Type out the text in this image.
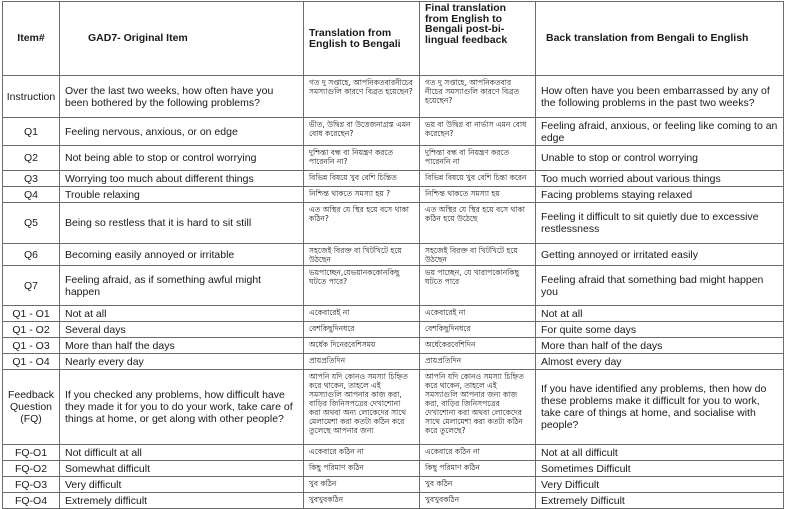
Item#	GAD7- Original Item	Translation from English to Bengali	Final translation from English to Bengali post-bi-lingual feedback	Back translation from Bengali to English
Instruction	Over the last two weeks, how often have you been bothered by the following problems?	গত দু সপ্তাহে, আপনিকতবারনীচের সমস্যাগুলি কারণে বিব্রত হয়েছেন?	গত দু সপ্তাহে, আপনিকতবার নীচের সমস্যাগুলি কারণে বিব্রত হয়েছেন?	How often have you been embarrassed by any of the following problems in the past two weeks?
Q1	Feeling nervous, anxious, or on edge	ভীত, উদ্বিগ্ন বা উত্তেজনাগ্রস্ত এমন বোধ করেছেন?	ভয় বা উদ্বিগ্ন বা নার্ভাস এমন বোধ করেছেন?	Feeling afraid, anxious, or feeling like coming to an edge
Q2	Not being able to stop or control worrying	দুশ্চিন্তা বন্ধ বা নিয়ন্ত্রণ করতে পারেননি না?	দুশ্চিন্তা বন্ধ বা নিয়ন্ত্রণ করতে পারেননি না	Unable to stop or control worrying
Q3	Worrying too much about different things	বিভিন্ন বিষয়ে খুব বেশি চিন্তিত	বিভিন্ন বিষয়ে খুব বেশি চিন্তা করেন	Too much worried about various things
Q4	Trouble relaxing	নিশ্চিন্ত থাকতে সমস্যা হয় ?	নিশ্চিন্ত থাকতে সমস্যা হয়	Facing problems staying relaxed
Q5	Being so restless that it is hard to sit still	এত অস্থির যে স্থির হয়ে বসে থাকা কঠিন?	এত অস্থির যে স্থির হয়ে বসে থাকা কঠিন হয়ে উঠেছে	Feeling it difficult to sit quietly due to excessive restlessness
Q6	Becoming easily annoyed or irritable	সহজেই বিরক্ত বা খিটখিটে হয়ে উঠছেন	সহজেই বিরক্ত বা খিটখিটে হয়ে উঠছেন	Getting annoyed or irritated easily
Q7	Feeling afraid, as if something awful might happen	ভয়পাচ্ছেন,যেভয়ানককোনকিছু ঘটতে পারে?	ভয় পাচ্ছেন, যে খারাপকোনকিছু ঘটতে পারে	Feeling afraid that something bad might happen you
Q1 - O1	Not at all	একেবারেই না	একেবারেই না	Not at all
Q1 - O2	Several days	বেশকিছুদিনধরে	বেশকিছুদিনধরে	For quite some days
Q1 - O3	More than half the days	অর্ধেক দিনেরবেশিসময়	অর্ধেকেরবেশিদিন	More than half of the days
Q1 - O4	Nearly every day	প্রায়প্রতিদিন	প্রায়প্রতিদিন	Almost every day
Feedback Question (FQ)	If you checked any problems, how difficult have they made it for you to do your work, take care of things at home, or get along with other people?	আপনি যদি কোনও সমস্যা চিহ্নিত করে থাকেন, তাহলে এই সমস্যাগুলি আপনার কাজ করা, বাড়ির জিনিসপত্রের দেখাশোনা করা অথবা অন্য লোকেদের সাথে মেলামেশা করা কতটা কঠিন করে তুলেছে আপনার জন্য	আপনি যদি কোনও সমস্যা চিহ্নিত করে থাকেন, তাহলে এই সমস্যাগুলি আপনার জন্য কাজ করা, বাড়ির জিনিসপত্রের দেখাশোনা করা অথবা লোকেদের সাথে মেলামেশা করা কতটা কঠিন করে তুলেছে?	If you have identified any problems, then how do these problems make it difficult for you to work, take care of things at home, and socialise with people?
FQ-O1	Not difficult at all	একেবারে কঠিন না	একেবারে কঠিন না	Not at all difficult
FQ-O2	Somewhat difficult	কিছু পরিমাণ কঠিন	কিছু পরিমাণ কঠিন	Sometimes Difficult
FQ-O3	Very difficult	খুব কঠিন	খুব কঠিন	Very Difficult
FQ-O4	Extremely difficult	খুবখুবকঠিন	খুবখুবকঠিন	Extremely Difficult
